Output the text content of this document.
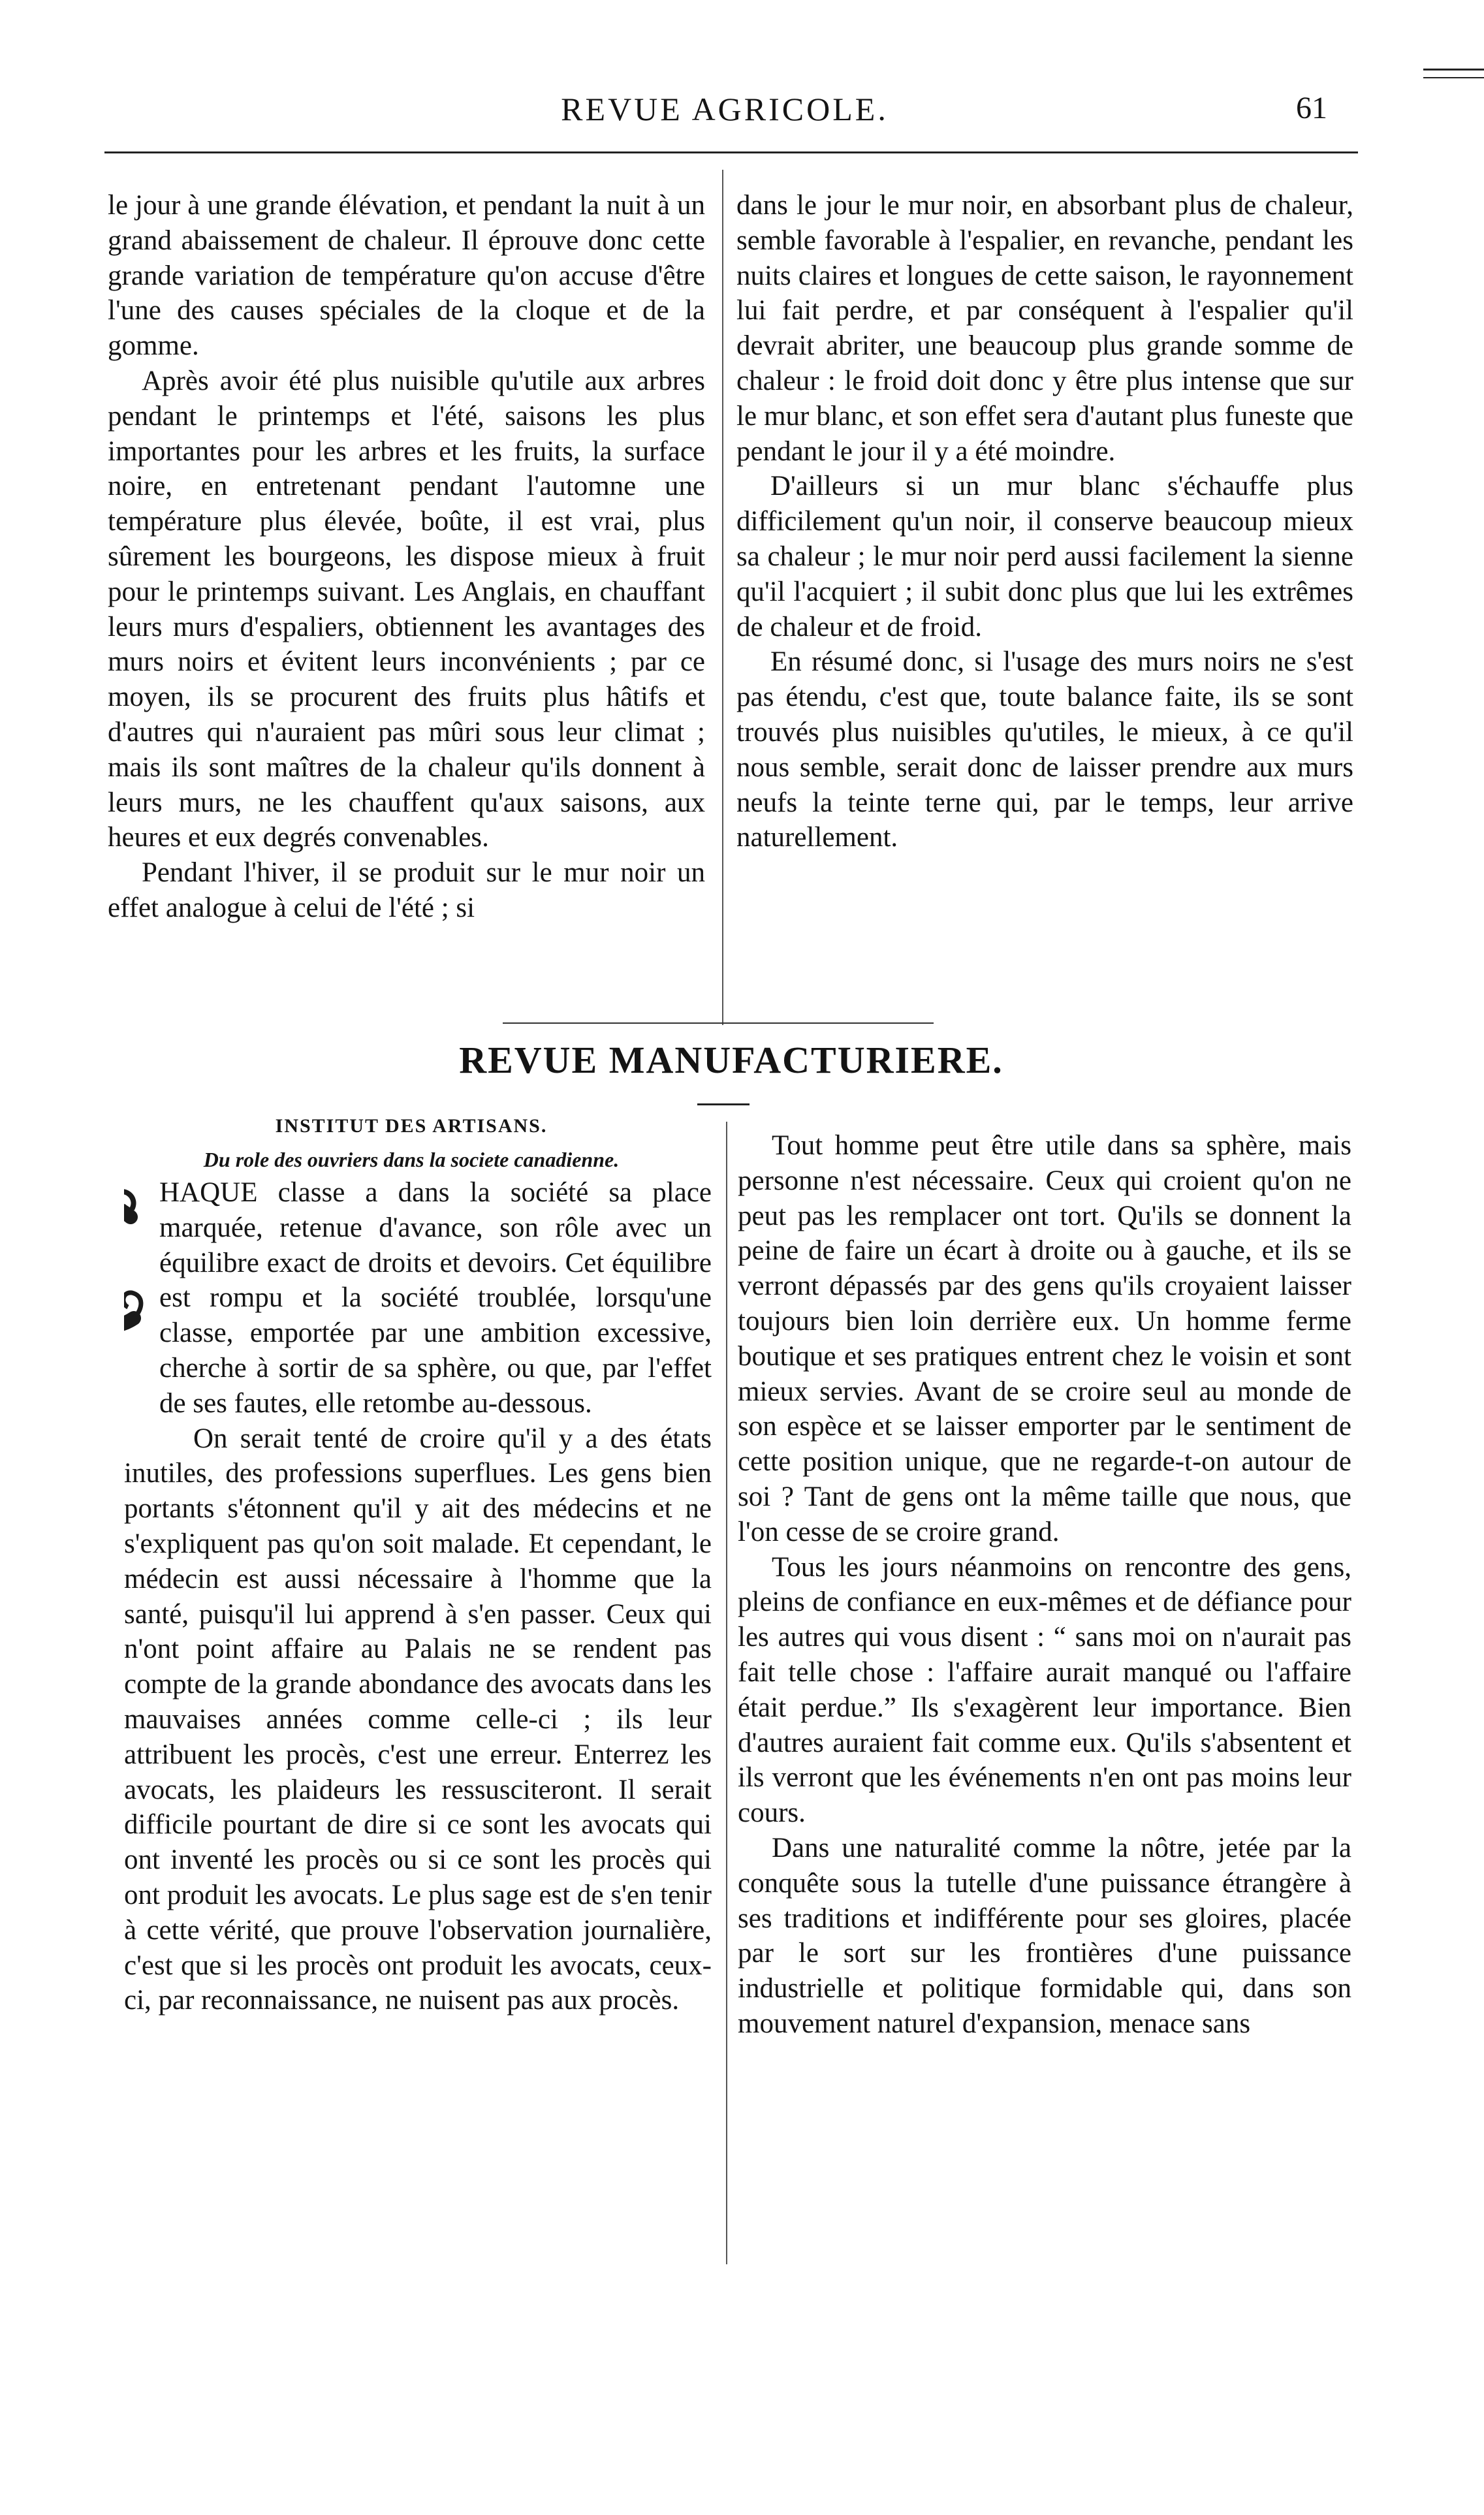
REVUE AGRICOLE.	61

le jour à une grande élévation, et pendant la nuit à un grand abaissement de chaleur. Il éprouve donc cette grande variation de température qu'on accuse d'être l'une des causes spéciales de la cloque et de la gomme.

Après avoir été plus nuisible qu'utile aux arbres pendant le printemps et l'été, saisons les plus importantes pour les arbres et les fruits, la surface noire, en entretenant pendant l'automne une température plus élevée, boûte, il est vrai, plus sûrement les bourgeons, les dispose mieux à fruit pour le printemps suivant. Les Anglais, en chauffant leurs murs d'espaliers, obtiennent les avantages des murs noirs et évitent leurs inconvénients ; par ce moyen, ils se procurent des fruits plus hâtifs et d'autres qui n'auraient pas mûri sous leur climat ; mais ils sont maîtres de la chaleur qu'ils donnent à leurs murs, ne les chauffent qu'aux saisons, aux heures et eux degrés convenables.

Pendant l'hiver, il se produit sur le mur noir un effet analogue à celui de l'été ; si

dans le jour le mur noir, en absorbant plus de chaleur, semble favorable à l'espalier, en revanche, pendant les nuits claires et longues de cette saison, le rayonnement lui fait perdre, et par conséquent à l'espalier qu'il devrait abriter, une beaucoup plus grande somme de chaleur : le froid doit donc y être plus intense que sur le mur blanc, et son effet sera d'autant plus funeste que pendant le jour il y a été moindre.

D'ailleurs si un mur blanc s'échauffe plus difficilement qu'un noir, il conserve beaucoup mieux sa chaleur ; le mur noir perd aussi facilement la sienne qu'il l'acquiert ; il subit donc plus que lui les extrêmes de chaleur et de froid.

En résumé donc, si l'usage des murs noirs ne s'est pas étendu, c'est que, toute balance faite, ils se sont trouvés plus nuisibles qu'utiles, le mieux, à ce qu'il nous semble, serait donc de laisser prendre aux murs neufs la teinte terne qui, par le temps, leur arrive naturellement.

REVUE MANUFACTURIERE.
INSTITUT DES ARTISANS.
Du role des ouvriers dans la societe canadienne.

HAQUE classe a dans la société sa place marquée, retenue d'avance, son rôle avec un équilibre exact de droits et devoirs. Cet équilibre est rompu et la société troublée, lorsqu'une classe, emportée par une ambition excessive, cherche à sortir de sa sphère, ou que, par l'effet de ses fautes, elle retombe au-dessous.

On serait tenté de croire qu'il y a des états inutiles, des professions superflues. Les gens bien portants s'étonnent qu'il y ait des médecins et ne s'expliquent pas qu'on soit malade. Et cependant, le médecin est aussi nécessaire à l'homme que la santé, puisqu'il lui apprend à s'en passer. Ceux qui n'ont point affaire au Palais ne se rendent pas compte de la grande abondance des avocats dans les mauvaises années comme celle-ci ; ils leur attribuent les procès, c'est une erreur. Enterrez les avocats, les plaideurs les ressusciteront. Il serait difficile pourtant de dire si ce sont les avocats qui ont inventé les procès ou si ce sont les procès qui ont produit les avocats. Le plus sage est de s'en tenir à cette vérité, que prouve l'observation journalière, c'est que si les procès ont produit les avocats, ceux-ci, par reconnaissance, ne nuisent pas aux procès.

Tout homme peut être utile dans sa sphère, mais personne n'est nécessaire. Ceux qui croient qu'on ne peut pas les remplacer ont tort. Qu'ils se donnent la peine de faire un écart à droite ou à gauche, et ils se verront dépassés par des gens qu'ils croyaient laisser toujours bien loin derrière eux. Un homme ferme boutique et ses pratiques entrent chez le voisin et sont mieux servies. Avant de se croire seul au monde de son espèce et se laisser emporter par le sentiment de cette position unique, que ne regarde-t-on autour de soi ? Tant de gens ont la même taille que nous, que l'on cesse de se croire grand.

Tous les jours néanmoins on rencontre des gens, pleins de confiance en eux-mêmes et de défiance pour les autres qui vous disent : “ sans moi on n'aurait pas fait telle chose : l'affaire aurait manqué ou l'affaire était perdue.” Ils s'exagèrent leur importance. Bien d'autres auraient fait comme eux. Qu'ils s'absentent et ils verront que les événements n'en ont pas moins leur cours.

Dans une naturalité comme la nôtre, jetée par la conquête sous la tutelle d'une puissance étrangère à ses traditions et indifférente pour ses gloires, placée par le sort sur les frontières d'une puissance industrielle et politique formidable qui, dans son mouvement naturel d'expansion, menace sans
